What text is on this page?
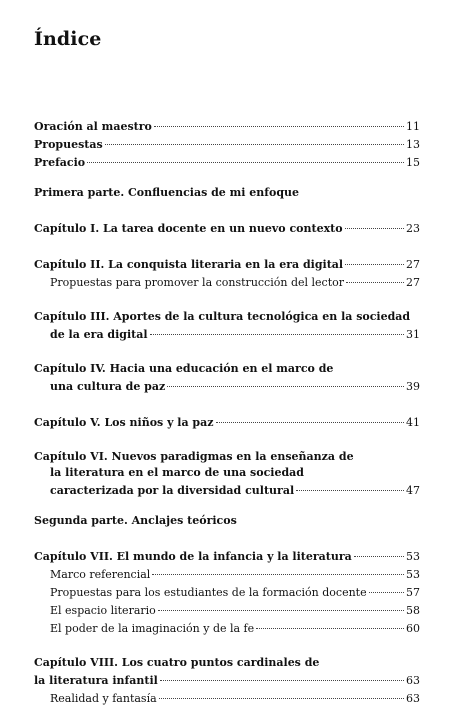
Índice
Oración al maestro	11
Propuestas	13
Prefacio	15
Primera parte. Confluencias de mi enfoque
Capítulo I. La tarea docente en un nuevo contexto	23
Capítulo II. La conquista literaria en la era digital	27
Propuestas para promover la construcción del lector	27
Capítulo III. Aportes de la cultura tecnológica en la sociedad
de la era digital	31
Capítulo IV. Hacia una educación en el marco de
una cultura de paz	39
Capítulo V. Los niños y la paz	41
Capítulo VI. Nuevos paradigmas en la enseñanza de
la literatura en el marco de una sociedad
caracterizada por la diversidad cultural	47
Segunda parte. Anclajes teóricos
Capítulo VII. El mundo de la infancia y la literatura	53
Marco referencial	53
Propuestas para los estudiantes de la formación docente	57
El espacio literario	58
El poder de la imaginación y de la fe	60
Capítulo VIII. Los cuatro puntos cardinales de
la literatura infantil	63
Realidad y fantasía	63
